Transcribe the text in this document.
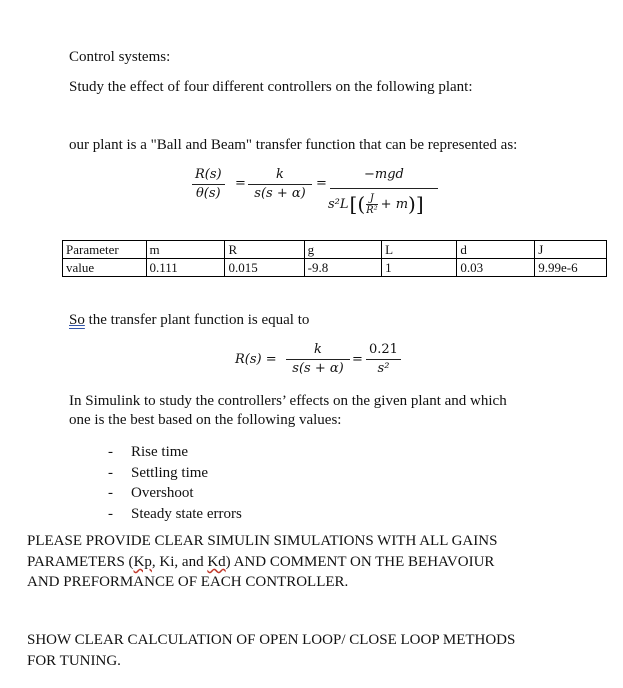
Control systems:
Study the effect of four different controllers on the following plant:
our plant is a "Ball and Beam" transfer function that can be represented as:
R(s)
θ(s)
=
k
s(s + α)
=
−mgd
s²L [( J
R² + m )]
Parameter	m	R	g	L	d	J
value	0.111	0.015	-9.8	1	0.03	9.99e-6
So the transfer plant function is equal to
R(s) =
k
s(s + α)
=
0.21
s²
In Simulink to study the controllers’ effects on the given plant and which
one is the best based on the following values:
- Rise time
- Settling time
- Overshoot
- Steady state errors
PLEASE PROVIDE CLEAR SIMULIN SIMULATIONS WITH ALL GAINS
PARAMETERS (Kp, Ki, and Kd) AND COMMENT ON THE BEHAVOIUR
AND PREFORMANCE OF EACH CONTROLLER.
SHOW CLEAR CALCULATION OF OPEN LOOP/ CLOSE LOOP METHODS
FOR TUNING.
